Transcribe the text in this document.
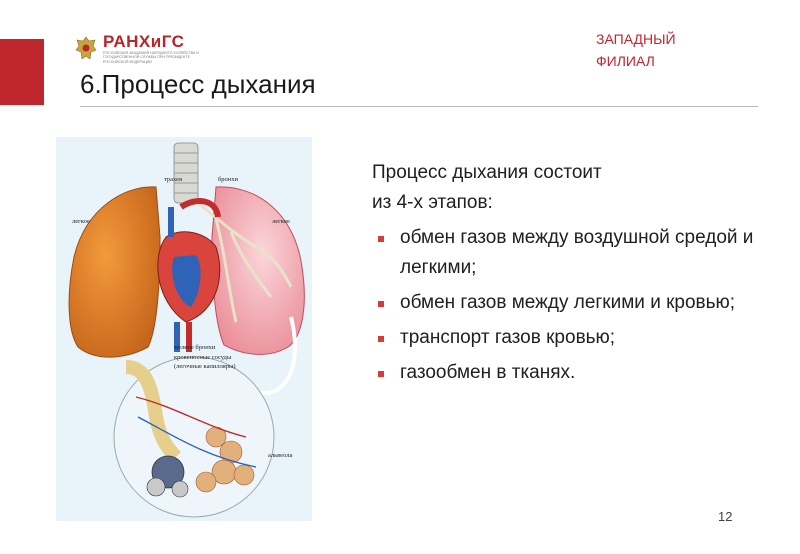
РАНХиГС
РОССИЙСКАЯ АКАДЕМИЯ НАРОДНОГО ХОЗЯЙСТВА И ГОСУДАРСТВЕННОЙ СЛУЖБЫ ПРИ ПРЕЗИДЕНТЕ РОССИЙСКОЙ ФЕДЕРАЦИИ
ЗАПАДНЫЙ
ФИЛИАЛ
6.Процесс дыхания
трахея	бронхи
легкое	легкое
мелкие бронхи
кровеносные сосуды
(легочные капилляры)
альвеола

Процесс дыхания состоит

из 4-х этапов:

обмен газов между воздушной средой и легкими;
обмен газов между легкими и кровью;
транспорт газов кровью;
газообмен в тканях.
12
